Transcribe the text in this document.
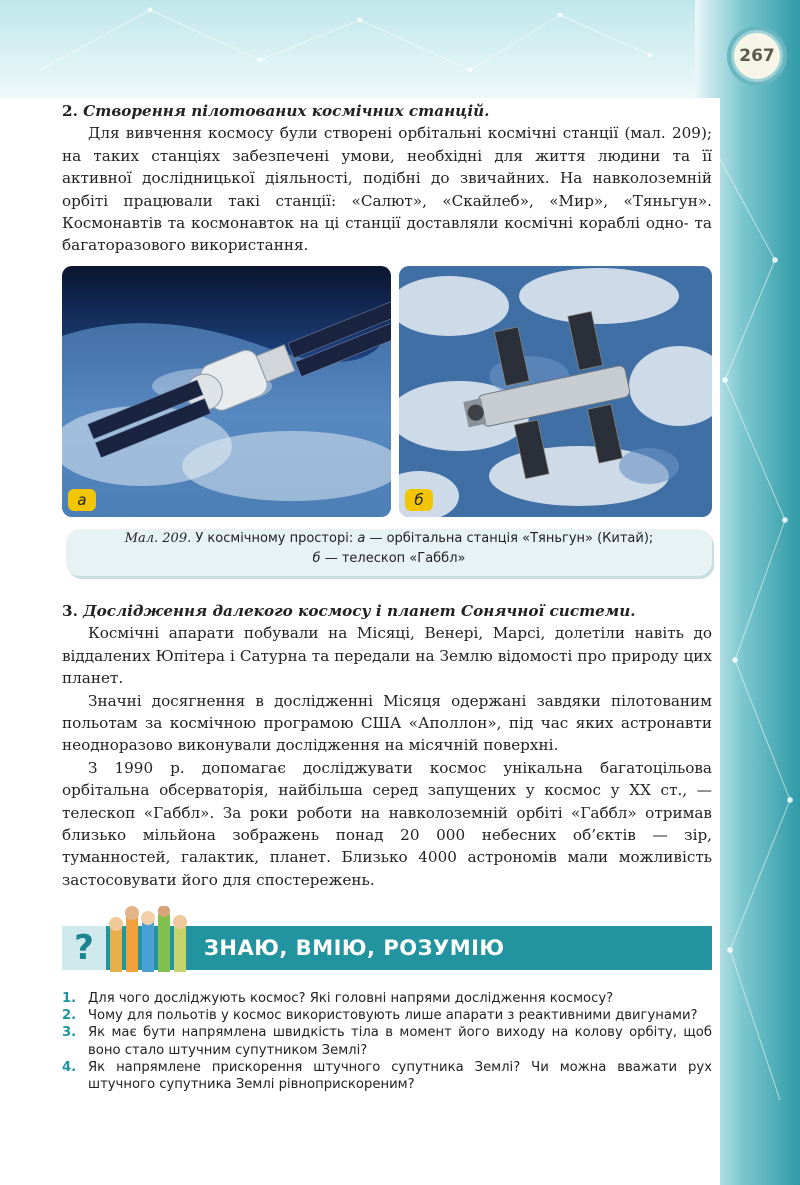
267
2. Створення пілотованих космічних станцій.

Для вивчення космосу були створені орбітальні космічні станції (мал. 209); на таких станціях забезпечені умови, необхідні для життя людини та її активної дослідницької діяльності, подібні до звичайних. На навколоземній орбіті працювали такі станції: «Салют», «Скайлеб», «Мир», «Тяньгун». Космонавтів та космонавток на ці станції доставляли космічні кораблі одно- та багаторазового використання.

а	б
Мал. 209. У космічному просторі: а — орбітальна станція «Тяньгун» (Китай);
б — телескоп «Габбл»
3. Дослідження далекого космосу і планет Сонячної системи.

Космічні апарати побували на Місяці, Венері, Марсі, долетіли навіть до віддалених Юпітера і Сатурна та передали на Землю відомості про природу цих планет.

Значні досягнення в дослідженні Місяця одержані завдяки пілотованим польотам за космічною програмою США «Аполлон», під час яких астронавти неодноразово виконували дослідження на місячній поверхні.

З 1990 р. допомагає досліджувати космос унікальна багатоцільова орбітальна обсерваторія, найбільша серед запущених у космос у ХХ ст., — телескоп «Габбл». За роки роботи на навколоземній орбіті «Габбл» отримав близько мільйона зображень понад 20 000 небесних об’єктів — зір, туманностей, галактик, планет. Близько 4000 астрономів мали можливість застосовувати його для спостережень.

?	ЗНАЮ, ВМІЮ, РОЗУМІЮ
1. Для чого досліджують космос? Які головні напрями дослідження космосу?
2. Чому для польотів у космос використовують лише апарати з реактивними двигунами?
3. Як має бути напрямлена швидкість тіла в момент його виходу на колову орбіту, щоб воно стало штучним супутником Землі?
4. Як напрямлене прискорення штучного супутника Землі? Чи можна вважати рух штучного супутника Землі рівноприскореним?
